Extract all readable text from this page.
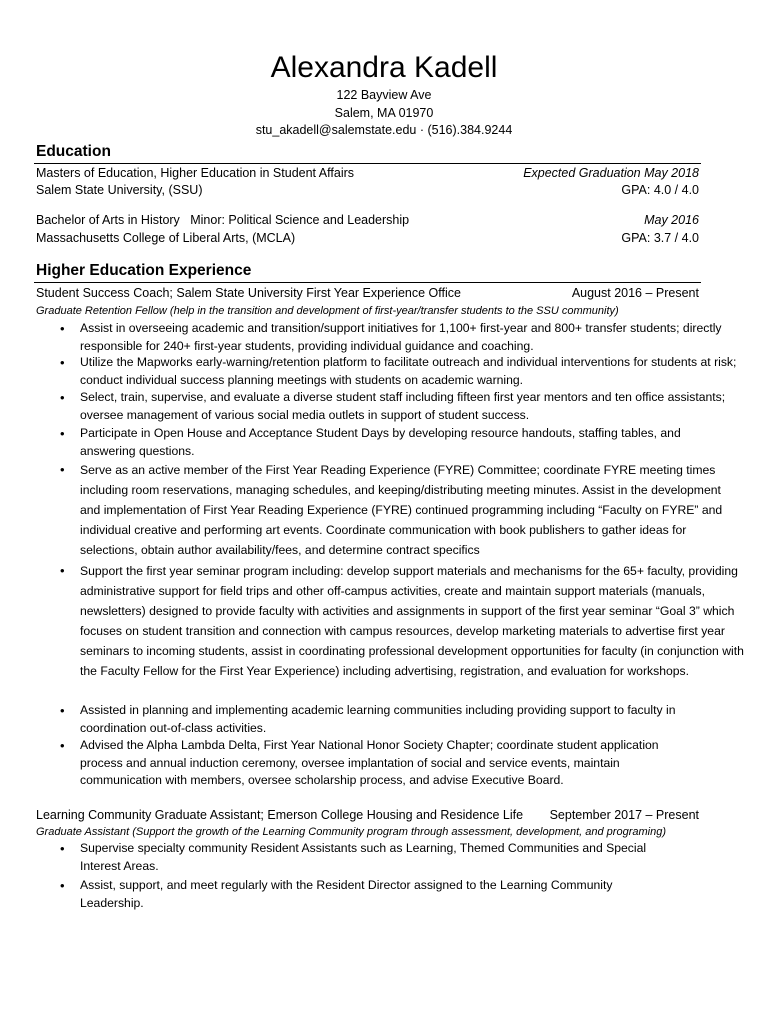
Alexandra Kadell
122 Bayview Ave
Salem, MA 01970
stu_akadell@salemstate.edu · (516).384.9244
Education
Masters of Education, Higher Education in Student Affairs	Expected Graduation May 2018
Salem State University, (SSU)	GPA: 4.0 / 4.0
Bachelor of Arts in History   Minor: Political Science and Leadership	May 2016
Massachusetts College of Liberal Arts, (MCLA)	GPA: 3.7 / 4.0
Higher Education Experience
Student Success Coach; Salem State University First Year Experience Office	August 2016 – Present
Graduate Retention Fellow (help in the transition and development of first-year/transfer students to the SSU community)
• Assist in overseeing academic and transition/support initiatives for 1,100+ first-year and 800+ transfer students; directly responsible for 240+ first-year students, providing individual guidance and coaching.
• Utilize the Mapworks early-warning/retention platform to facilitate outreach and individual interventions for students at risk; conduct individual success planning meetings with students on academic warning.
• Select, train, supervise, and evaluate a diverse student staff including fifteen first year mentors and ten office assistants; oversee management of various social media outlets in support of student success.
• Participate in Open House and Acceptance Student Days by developing resource handouts, staffing tables, and answering questions.
• Serve as an active member of the First Year Reading Experience (FYRE) Committee; coordinate FYRE meeting times including room reservations, managing schedules, and keeping/distributing meeting minutes. Assist in the development and implementation of First Year Reading Experience (FYRE) continued programming including “Faculty on FYRE” and individual creative and performing art events. Coordinate communication with book publishers to gather ideas for selections, obtain author availability/fees, and determine contract specifics
• Support the first year seminar program including: develop support materials and mechanisms for the 65+ faculty, providing administrative support for field trips and other off-campus activities, create and maintain support materials (manuals, newsletters) designed to provide faculty with activities and assignments in support of the first year seminar “Goal 3” which focuses on student transition and connection with campus resources, develop marketing materials to advertise first year seminars to incoming students, assist in coordinating professional development opportunities for faculty (in conjunction with the Faculty Fellow for the First Year Experience) including advertising, registration, and evaluation for workshops.
• Assisted in planning and implementing academic learning communities including providing support to faculty in coordination out-of-class activities.
• Advised the Alpha Lambda Delta, First Year National Honor Society Chapter; coordinate student application process and annual induction ceremony, oversee implantation of social and service events, maintain communication with members, oversee scholarship process, and advise Executive Board.
Learning Community Graduate Assistant; Emerson College Housing and Residence Life September 2017 – Present
Graduate Assistant (Support the growth of the Learning Community program through assessment, development, and programing)
• Supervise specialty community Resident Assistants such as Learning, Themed Communities and Special Interest Areas.
• Assist, support, and meet regularly with the Resident Director assigned to the Learning Community Leadership.
